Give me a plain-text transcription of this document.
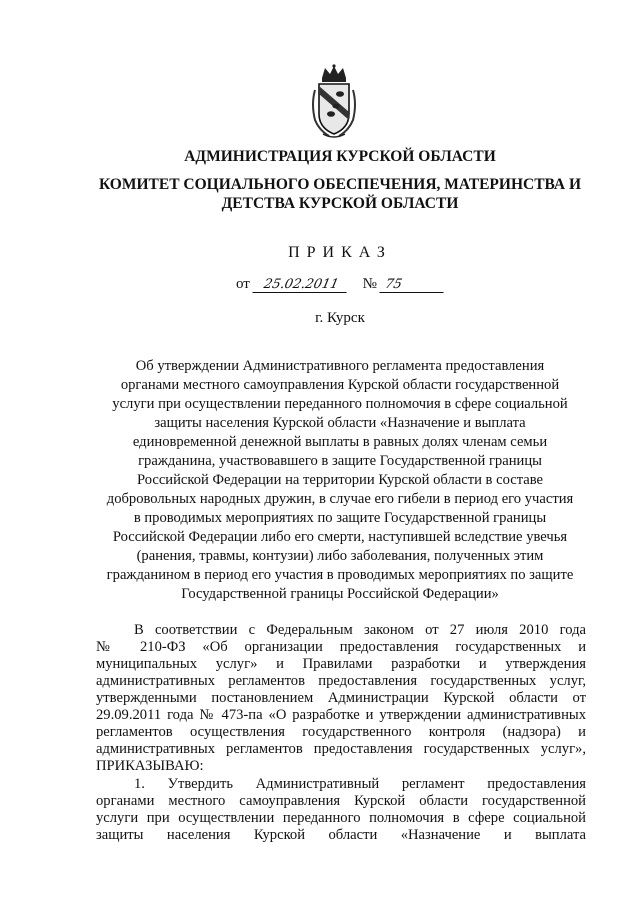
АДМИНИСТРАЦИЯ КУРСКОЙ ОБЛАСТИ
КОМИТЕТ СОЦИАЛЬНОГО ОБЕСПЕЧЕНИЯ, МАТЕРИНСТВА И
ДЕТСТВА КУРСКОЙ ОБЛАСТИ
ПРИКАЗ
от 25.02.2011 № 75
г. Курск
Об утверждении Административного регламента предоставления
органами местного самоуправления Курской области государственной
услуги при осуществлении переданного полномочия в сфере социальной
защиты населения Курской области «Назначение и выплата
единовременной денежной выплаты в равных долях членам семьи
гражданина, участвовавшего в защите Государственной границы
Российской Федерации на территории Курской области в составе
добровольных народных дружин, в случае его гибели в период его участия
в проводимых мероприятиях по защите Государственной границы
Российской Федерации либо его смерти, наступившей вследствие увечья
(ранения, травмы, контузии) либо заболевания, полученных этим
гражданином в период его участия в проводимых мероприятиях по защите
Государственной границы Российской Федерации»
В соответствии с Федеральным законом от 27 июля 2010 года
№ 210-ФЗ «Об организации предоставления государственных и
муниципальных услуг» и Правилами разработки и утверждения
административных регламентов предоставления государственных услуг,
утвержденными постановлением Администрации Курской области от
29.09.2011 года № 473-па «О разработке и утверждении административных
регламентов осуществления государственного контроля (надзора) и
административных регламентов предоставления государственных услуг»,
ПРИКАЗЫВАЮ:
1. Утвердить Административный регламент предоставления
органами местного самоуправления Курской области государственной
услуги при осуществлении переданного полномочия в сфере социальной
защиты населения Курской области «Назначение и выплата
